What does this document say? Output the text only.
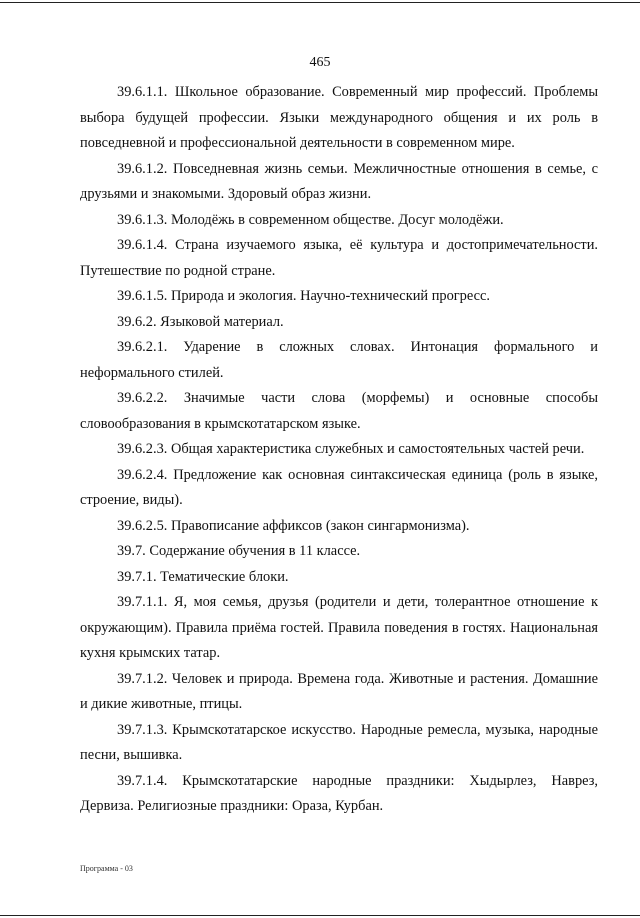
465

39.6.1.1. Школьное образование. Современный мир профессий. Проблемы выбора будущей профессии. Языки международного общения и их роль в повседневной и профессиональной деятельности в современном мире.

39.6.1.2. Повседневная жизнь семьи. Межличностные отношения в семье, с друзьями и знакомыми. Здоровый образ жизни.

39.6.1.3. Молодёжь в современном обществе. Досуг молодёжи.

39.6.1.4. Страна изучаемого языка, её культура и достопримечательности. Путешествие по родной стране.

39.6.1.5. Природа и экология. Научно-технический прогресс.

39.6.2. Языковой материал.

39.6.2.1. Ударение в сложных словах. Интонация формального и неформального стилей.

39.6.2.2. Значимые части слова (морфемы) и основные способы словообразования в крымскотатарском языке.

39.6.2.3. Общая характеристика служебных и самостоятельных частей речи.

39.6.2.4. Предложение как основная синтаксическая единица (роль в языке, строение, виды).

39.6.2.5. Правописание аффиксов (закон сингармонизма).

39.7. Содержание обучения в 11 классе.

39.7.1. Тематические блоки.

39.7.1.1. Я, моя семья, друзья (родители и дети, толерантное отношение к окружающим). Правила приёма гостей. Правила поведения в гостях. Национальная кухня крымских татар.

39.7.1.2. Человек и природа. Времена года. Животные и растения. Домашние и дикие животные, птицы.

39.7.1.3. Крымскотатарское искусство. Народные ремесла, музыка, народные песни, вышивка.

39.7.1.4. Крымскотатарские народные праздники: Хыдырлез, Наврез, Дервиза. Религиозные праздники: Ораза, Курбан.

Программа - 03
